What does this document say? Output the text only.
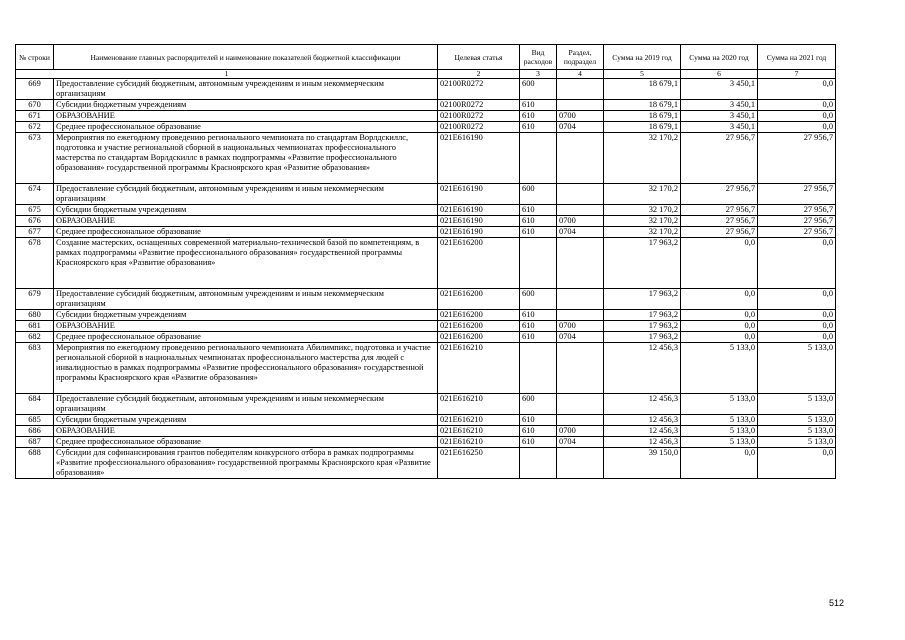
№ строки	Наименование главных распорядителей и наименование показателей бюджетной классификации	Целевая статья	Вид расходов	Раздел, подраздел	Сумма на 2019 год	Сумма на 2020 год	Сумма на 2021 год
1		2	3	4	5	6	7
669	Предоставление субсидий бюджетным, автономным учреждениям и иным некоммерческим организациям	02100R0272	600		18 679,1	3 450,1	0,0
670	Субсидии бюджетным учреждениям	02100R0272	610		18 679,1	3 450,1	0,0
671	ОБРАЗОВАНИЕ	02100R0272	610	0700	18 679,1	3 450,1	0,0
672	Среднее профессиональное образование	02100R0272	610	0704	18 679,1	3 450,1	0,0
673	Мероприятия по ежегодному проведению регионального чемпионата по стандартам Ворлдскиллс, подготовка и участие региональной сборной в национальных чемпионатах профессионального мастерства по стандартам Ворлдскиллс в рамках подпрограммы «Развитие профессионального образования» государственной программы Красноярского края «Развитие образования»	021E616190			32 170,2	27 956,7	27 956,7
674	Предоставление субсидий бюджетным, автономным учреждениям и иным некоммерческим организациям	021E616190	600		32 170,2	27 956,7	27 956,7
675	Субсидии бюджетным учреждениям	021E616190	610		32 170,2	27 956,7	27 956,7
676	ОБРАЗОВАНИЕ	021E616190	610	0700	32 170,2	27 956,7	27 956,7
677	Среднее профессиональное образование	021E616190	610	0704	32 170,2	27 956,7	27 956,7
678	Создание мастерских, оснащенных современной материально-технической базой по компетенциям, в рамках подпрограммы «Развитие профессионального образования» государственной программы Красноярского края «Развитие образования»	021E616200			17 963,2	0,0	0,0
679	Предоставление субсидий бюджетным, автономным учреждениям и иным некоммерческим организациям	021E616200	600		17 963,2	0,0	0,0
680	Субсидии бюджетным учреждениям	021E616200	610		17 963,2	0,0	0,0
681	ОБРАЗОВАНИЕ	021E616200	610	0700	17 963,2	0,0	0,0
682	Среднее профессиональное образование	021E616200	610	0704	17 963,2	0,0	0,0
683	Мероприятия по ежегодному проведению регионального чемпионата Абилимпикс, подготовка и участие региональной сборной в национальных чемпионатах профессионального мастерства для людей с инвалидностью в рамках подпрограммы «Развитие профессионального образования» государственной программы Красноярского края «Развитие образования»	021E616210			12 456,3	5 133,0	5 133,0
684	Предоставление субсидий бюджетным, автономным учреждениям и иным некоммерческим организациям	021E616210	600		12 456,3	5 133,0	5 133,0
685	Субсидии бюджетным учреждениям	021E616210	610		12 456,3	5 133,0	5 133,0
686	ОБРАЗОВАНИЕ	021E616210	610	0700	12 456,3	5 133,0	5 133,0
687	Среднее профессиональное образование	021E616210	610	0704	12 456,3	5 133,0	5 133,0
688	Субсидии для софинансирования грантов победителям конкурсного отбора в рамках подпрограммы «Развитие профессионального образования» государственной программы Красноярского края «Развитие образования»	021E616250			39 150,0	0,0	0,0
512
